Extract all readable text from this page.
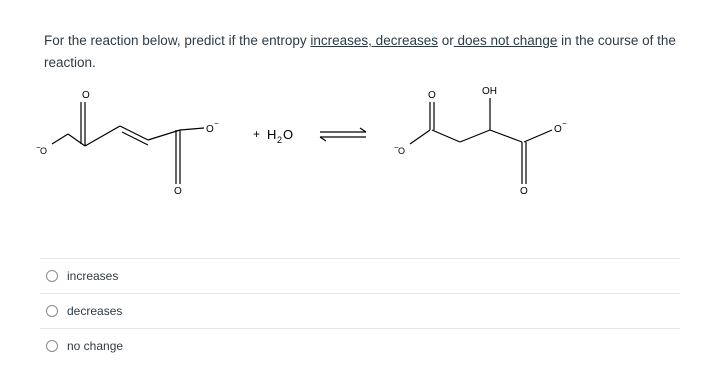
For the reaction below, predict if the entropy increases, decreases or does not change in the course of the reaction.
O
O
−
O
O
−
+ H 2 O
O
O
−
OH
O
O
−
increases
decreases
no change
